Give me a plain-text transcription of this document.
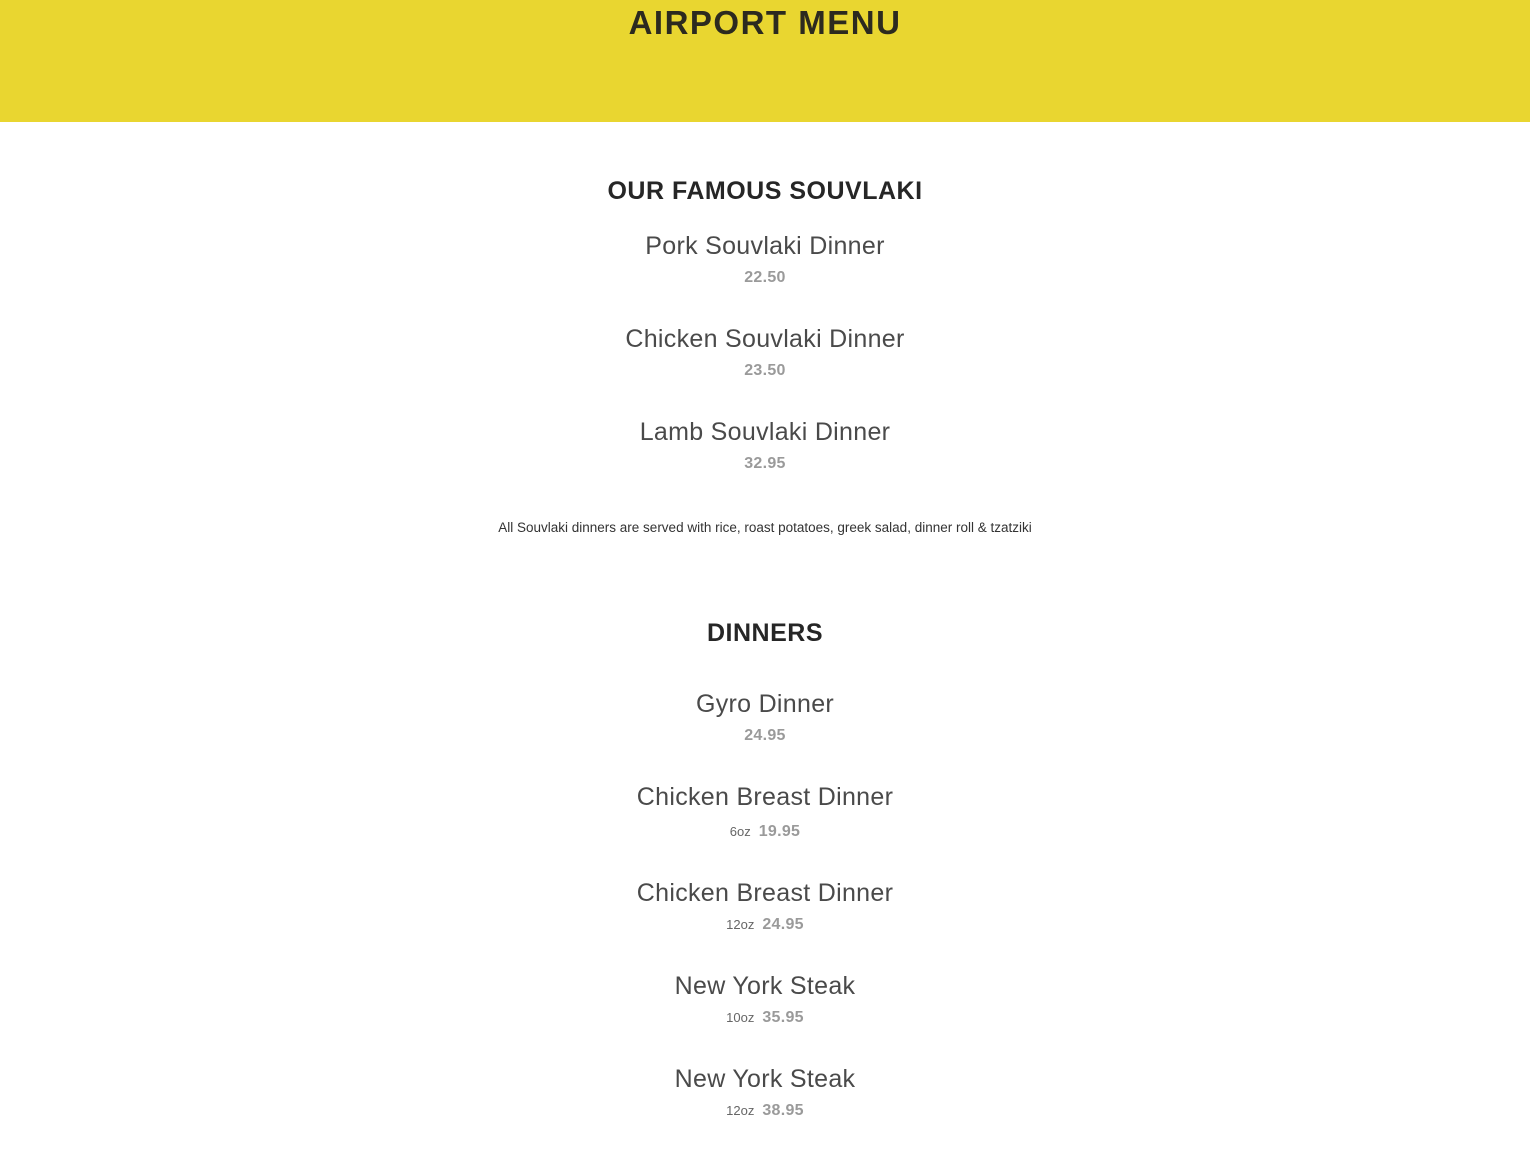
AIRPORT MENU
OUR FAMOUS SOUVLAKI
Pork Souvlaki Dinner
22.50
Chicken Souvlaki Dinner
23.50
Lamb Souvlaki Dinner
32.95
All Souvlaki dinners are served with rice, roast potatoes, greek salad, dinner roll & tzatziki
DINNERS
Gyro Dinner
24.95
Chicken Breast Dinner
6oz 19.95
Chicken Breast Dinner
12oz 24.95
New York Steak
10oz 35.95
New York Steak
12oz 38.95
